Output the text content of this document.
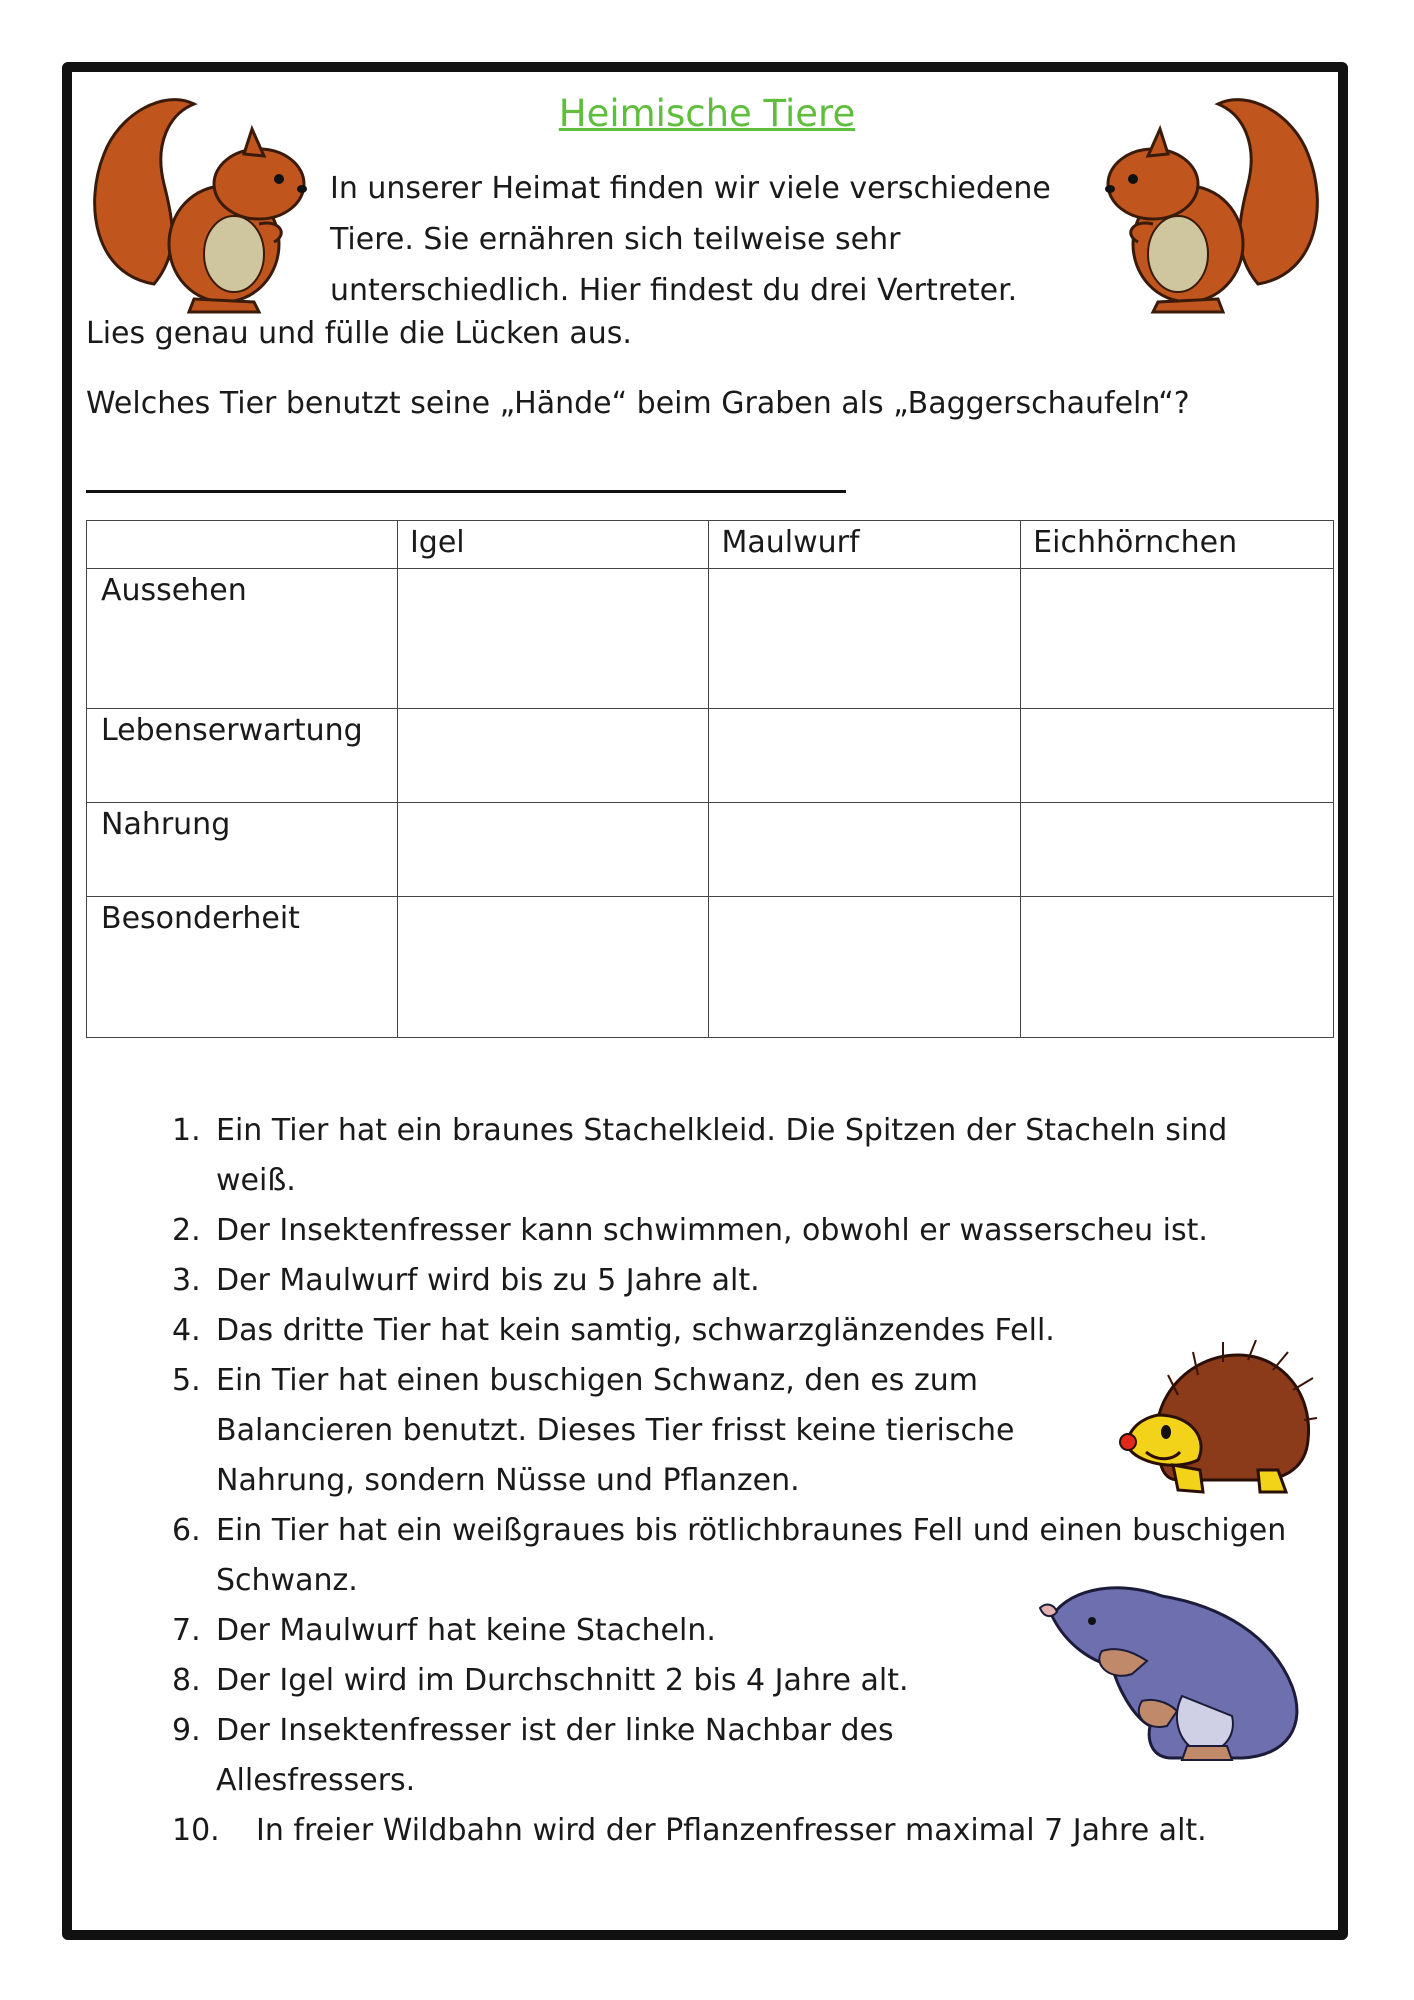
Heimische Tiere
In unserer Heimat finden wir viele verschiedene
Tiere. Sie ernähren sich teilweise sehr
unterschiedlich. Hier findest du drei Vertreter.
Lies genau und fülle die Lücken aus.
Welches Tier benutzt seine „Hände“ beim Graben als „Baggerschaufeln“?
	Igel	Maulwurf	Eichhörnchen
Aussehen			
Lebenserwartung			
Nahrung			
Besonderheit			
1. Ein Tier hat ein braunes Stachelkleid. Die Spitzen der Stacheln sind
weiß.
2. Der Insektenfresser kann schwimmen, obwohl er wasserscheu ist.
3. Der Maulwurf wird bis zu 5 Jahre alt.
4. Das dritte Tier hat kein samtig, schwarzglänzendes Fell.
5. Ein Tier hat einen buschigen Schwanz, den es zum
Balancieren benutzt. Dieses Tier frisst keine tierische
Nahrung, sondern Nüsse und Pflanzen.
6. Ein Tier hat ein weißgraues bis rötlichbraunes Fell und einen buschigen
Schwanz.
7. Der Maulwurf hat keine Stacheln.
8. Der Igel wird im Durchschnitt 2 bis 4 Jahre alt.
9. Der Insektenfresser ist der linke Nachbar des
Allesfressers.
10. In freier Wildbahn wird der Pflanzenfresser maximal 7 Jahre alt.
